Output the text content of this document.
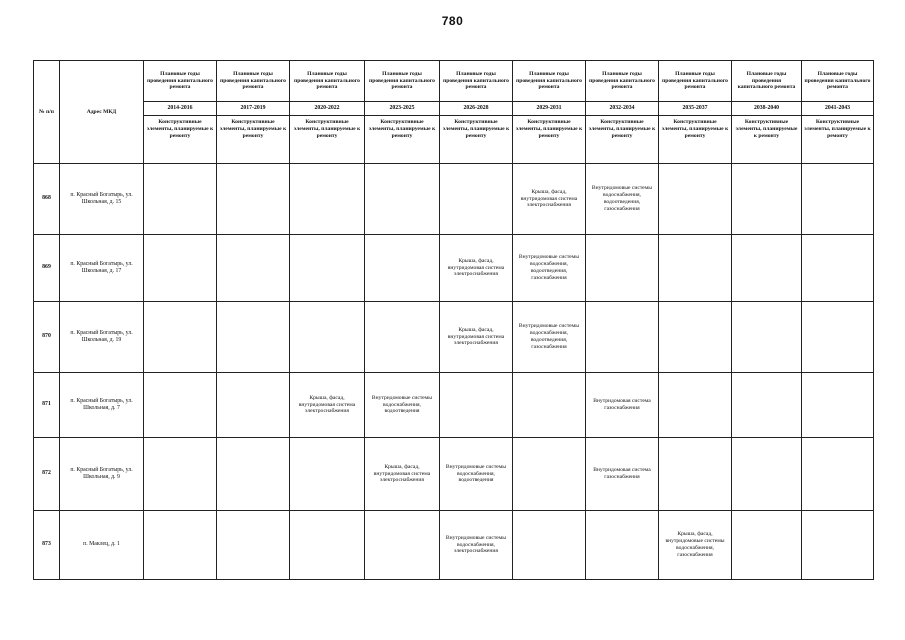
780
№ п/п	Адрес МКД	Плановые годы проведения капитального ремонта	Плановые годы проведения капитального ремонта	Плановые годы проведения капитального ремонта	Плановые годы проведения капитального ремонта	Плановые годы проведения капитального ремонта	Плановые годы проведения капитального ремонта	Плановые годы проведения капитального ремонта	Плановые годы проведения капитального ремонта	Плановые годы проведения капитального ремонта	Плановые годы проведения капитального ремонта
		2014-2016	2017-2019	2020-2022	2023-2025	2026-2028	2029-2031	2032-2034	2035-2037	2038-2040	2041-2043
		Конструктивные элементы, планируемые к ремонту	Конструктивные элементы, планируемые к ремонту	Конструктивные элементы, планируемые к ремонту	Конструктивные элементы, планируемые к ремонту	Конструктивные элементы, планируемые к ремонту	Конструктивные элементы, планируемые к ремонту	Конструктивные элементы, планируемые к ремонту	Конструктивные элементы, планируемые к ремонту	Конструктивные элементы, планируемые к ремонту	Конструктивные элементы, планируемые к ремонту
868	п. Красный Богатырь, ул. Школьная, д. 15						Крыша, фасад, внутридомовая система электроснабжения	Внутридомовые системы водоснабжения, водоотведения, газоснабжения			
869	п. Красный Богатырь, ул. Школьная, д. 17					Крыша, фасад, внутридомовая система электроснабжения	Внутридомовые системы водоснабжения, водоотведения, газоснабжения				
870	п. Красный Богатырь, ул. Школьная, д. 19					Крыша, фасад, внутридомовая система электроснабжения	Внутридомовые системы водоснабжения, водоотведения, газоснабжения				
871	п. Красный Богатырь, ул. Школьная, д. 7			Крыша, фасад, внутридомовая система электроснабжения	Внутридомовые системы водоснабжения, водоотведения			Внутридомовая система газоснабжения			
872	п. Красный Богатырь, ул. Школьная, д. 9				Крыша, фасад, внутридомовая система электроснабжения	Внутридомовые системы водоснабжения, водоотведения		Внутридомовая система газоснабжения			
873	п. Маклец, д. 1					Внутридомовые системы водоснабжения, электроснабжения			Крыша, фасад, внутридомовые системы водоснабжения, газоснабжения		
